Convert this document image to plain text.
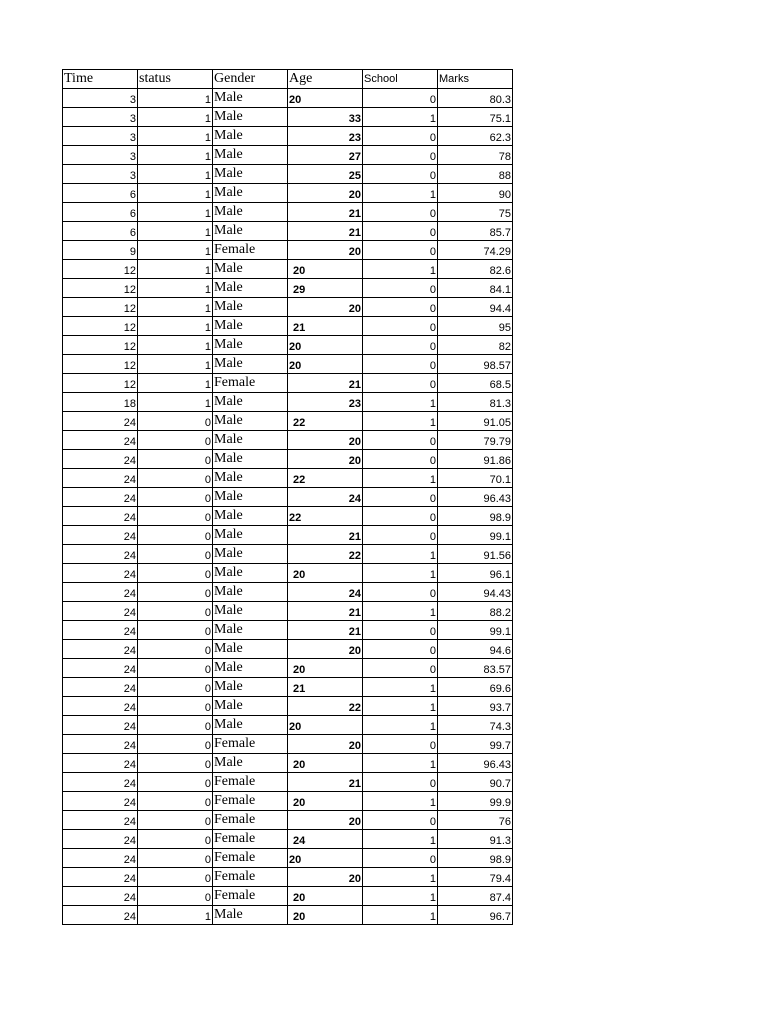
Time	status	Gender	Age	School	Marks
3	1	Male	20	0	80.3
3	1	Male	33	1	75.1
3	1	Male	23	0	62.3
3	1	Male	27	0	78
3	1	Male	25	0	88
6	1	Male	20	1	90
6	1	Male	21	0	75
6	1	Male	21	0	85.7
9	1	Female	20	0	74.29
12	1	Male	20	1	82.6
12	1	Male	29	0	84.1
12	1	Male	20	0	94.4
12	1	Male	21	0	95
12	1	Male	20	0	82
12	1	Male	20	0	98.57
12	1	Female	21	0	68.5
18	1	Male	23	1	81.3
24	0	Male	22	1	91.05
24	0	Male	20	0	79.79
24	0	Male	20	0	91.86
24	0	Male	22	1	70.1
24	0	Male	24	0	96.43
24	0	Male	22	0	98.9
24	0	Male	21	0	99.1
24	0	Male	22	1	91.56
24	0	Male	20	1	96.1
24	0	Male	24	0	94.43
24	0	Male	21	1	88.2
24	0	Male	21	0	99.1
24	0	Male	20	0	94.6
24	0	Male	20	0	83.57
24	0	Male	21	1	69.6
24	0	Male	22	1	93.7
24	0	Male	20	1	74.3
24	0	Female	20	0	99.7
24	0	Male	20	1	96.43
24	0	Female	21	0	90.7
24	0	Female	20	1	99.9
24	0	Female	20	0	76
24	0	Female	24	1	91.3
24	0	Female	20	0	98.9
24	0	Female	20	1	79.4
24	0	Female	20	1	87.4
24	1	Male	20	1	96.7
